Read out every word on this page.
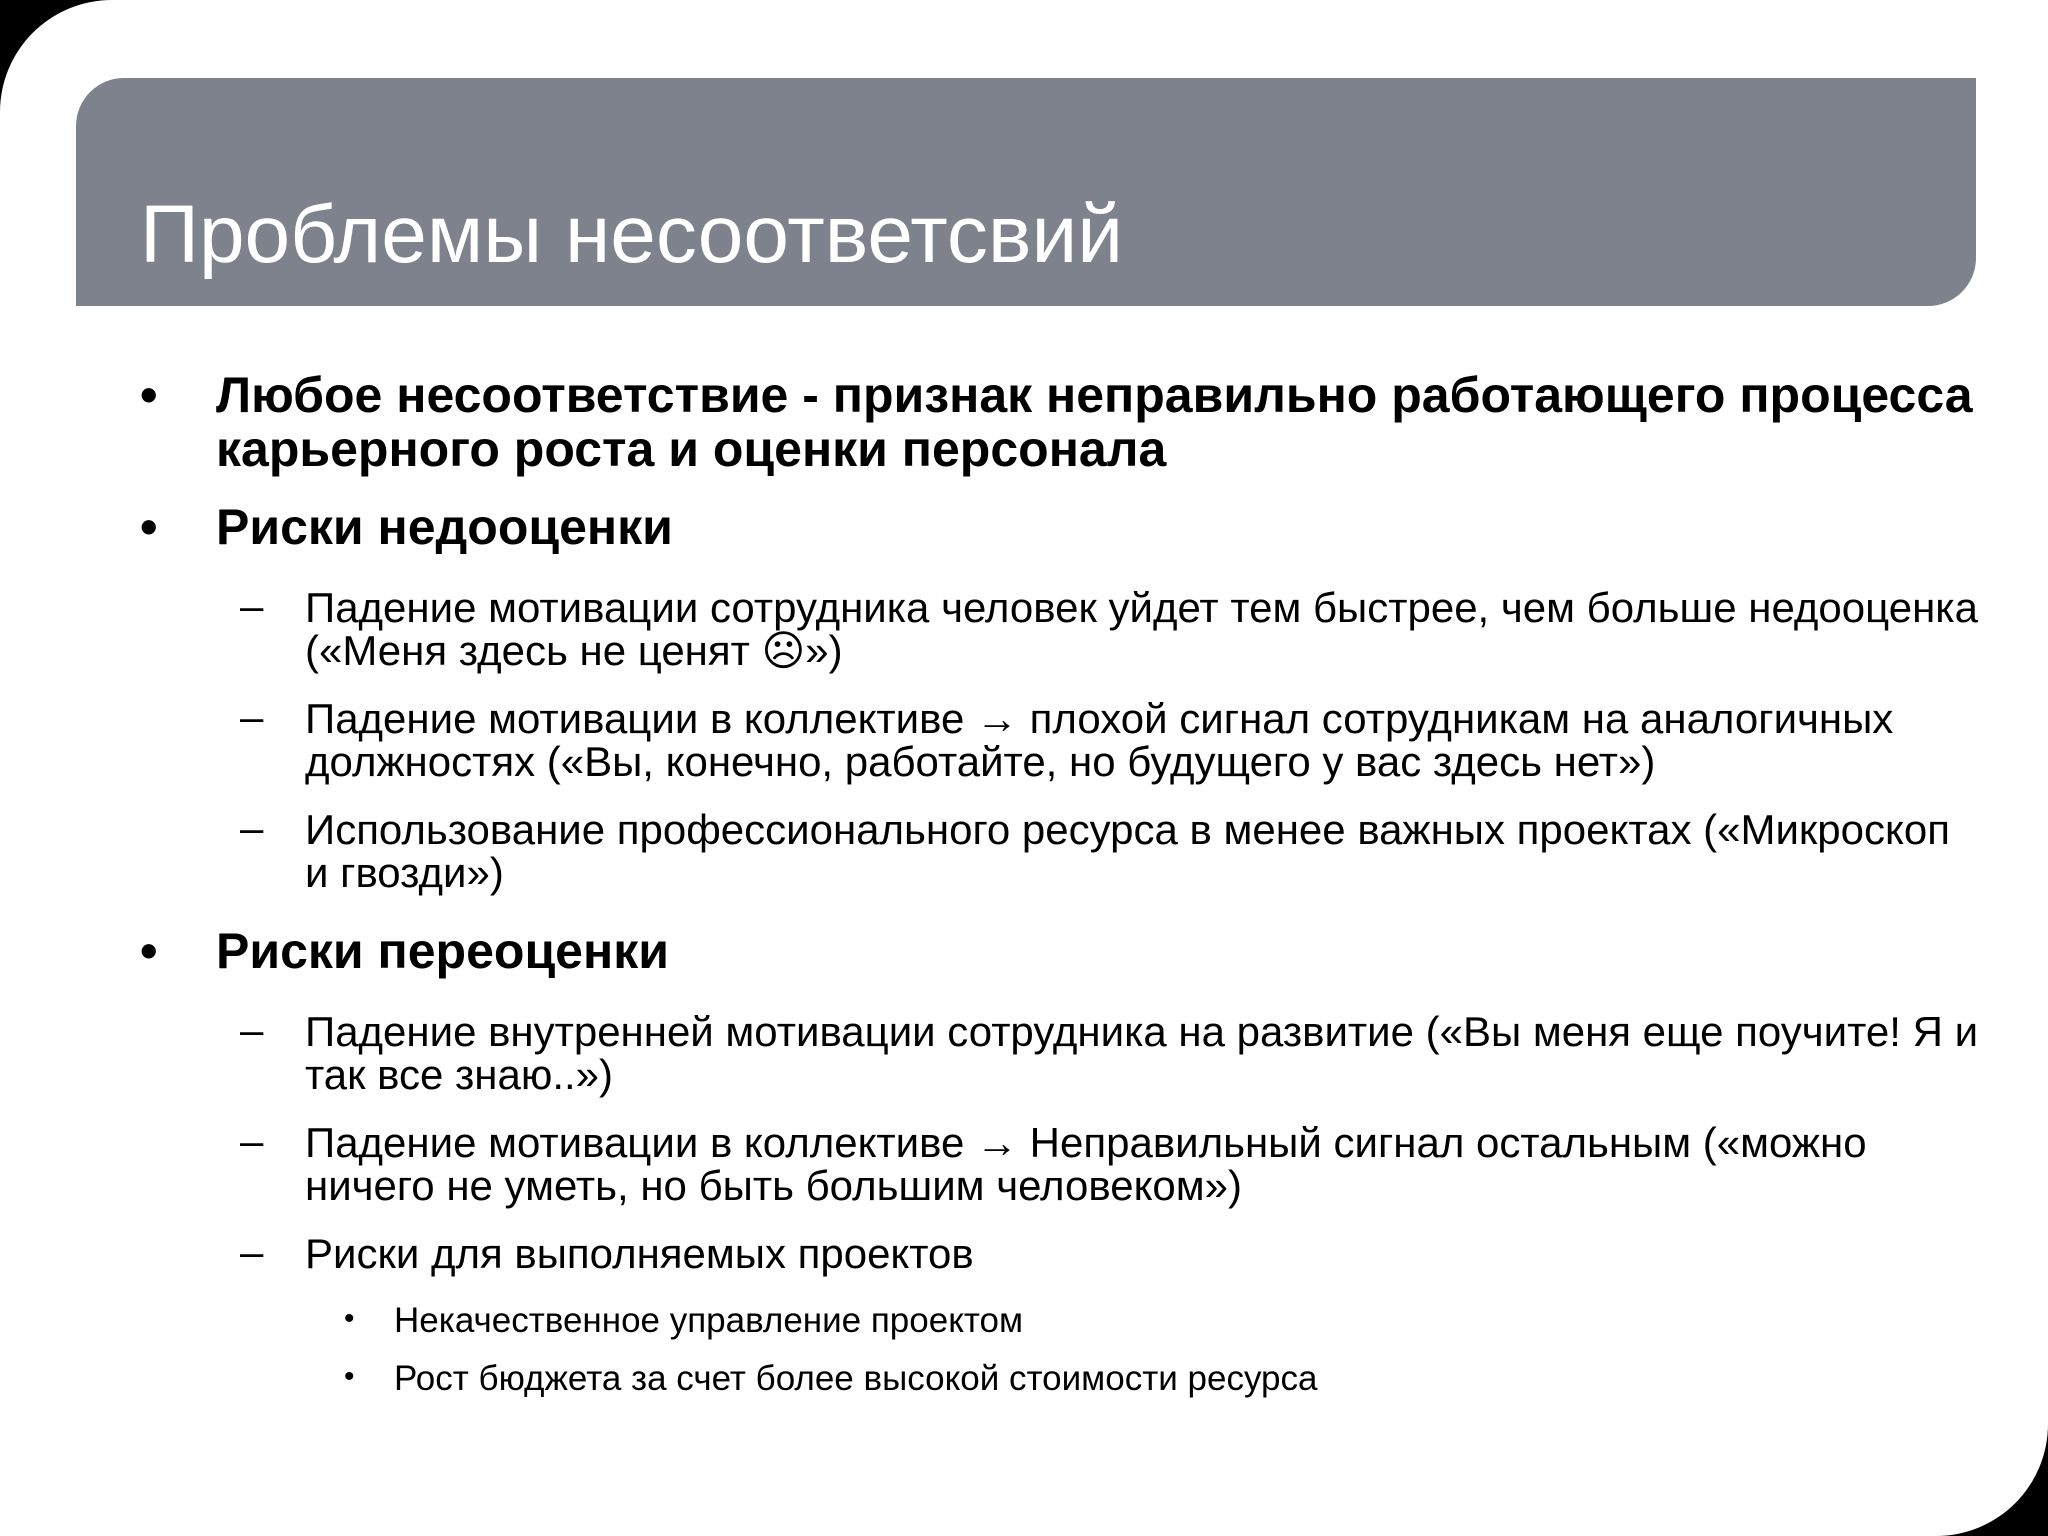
Проблемы несоответсвий
• Любое несоответствие - признак неправильно работающего процесса карьерного роста и оценки персонала
• Риски недооценки
– Падение мотивации сотрудника человек уйдет тем быстрее, чем больше недооценка («Меня здесь не ценят ☹»)
– Падение мотивации в коллективе → плохой сигнал сотрудникам на аналогичных должностях («Вы, конечно, работайте, но будущего у вас здесь нет»)
– Использование профессионального ресурса в менее важных проектах («Микроскоп и гвозди»)
• Риски переоценки
– Падение внутренней мотивации сотрудника на развитие («Вы меня еще поучите! Я и так все знаю..»)
– Падение мотивации в коллективе → Неправильный сигнал остальным («можно ничего не уметь, но быть большим человеком»)
– Риски для выполняемых проектов
• Некачественное управление проектом
• Рост бюджета за счет более высокой стоимости ресурса
